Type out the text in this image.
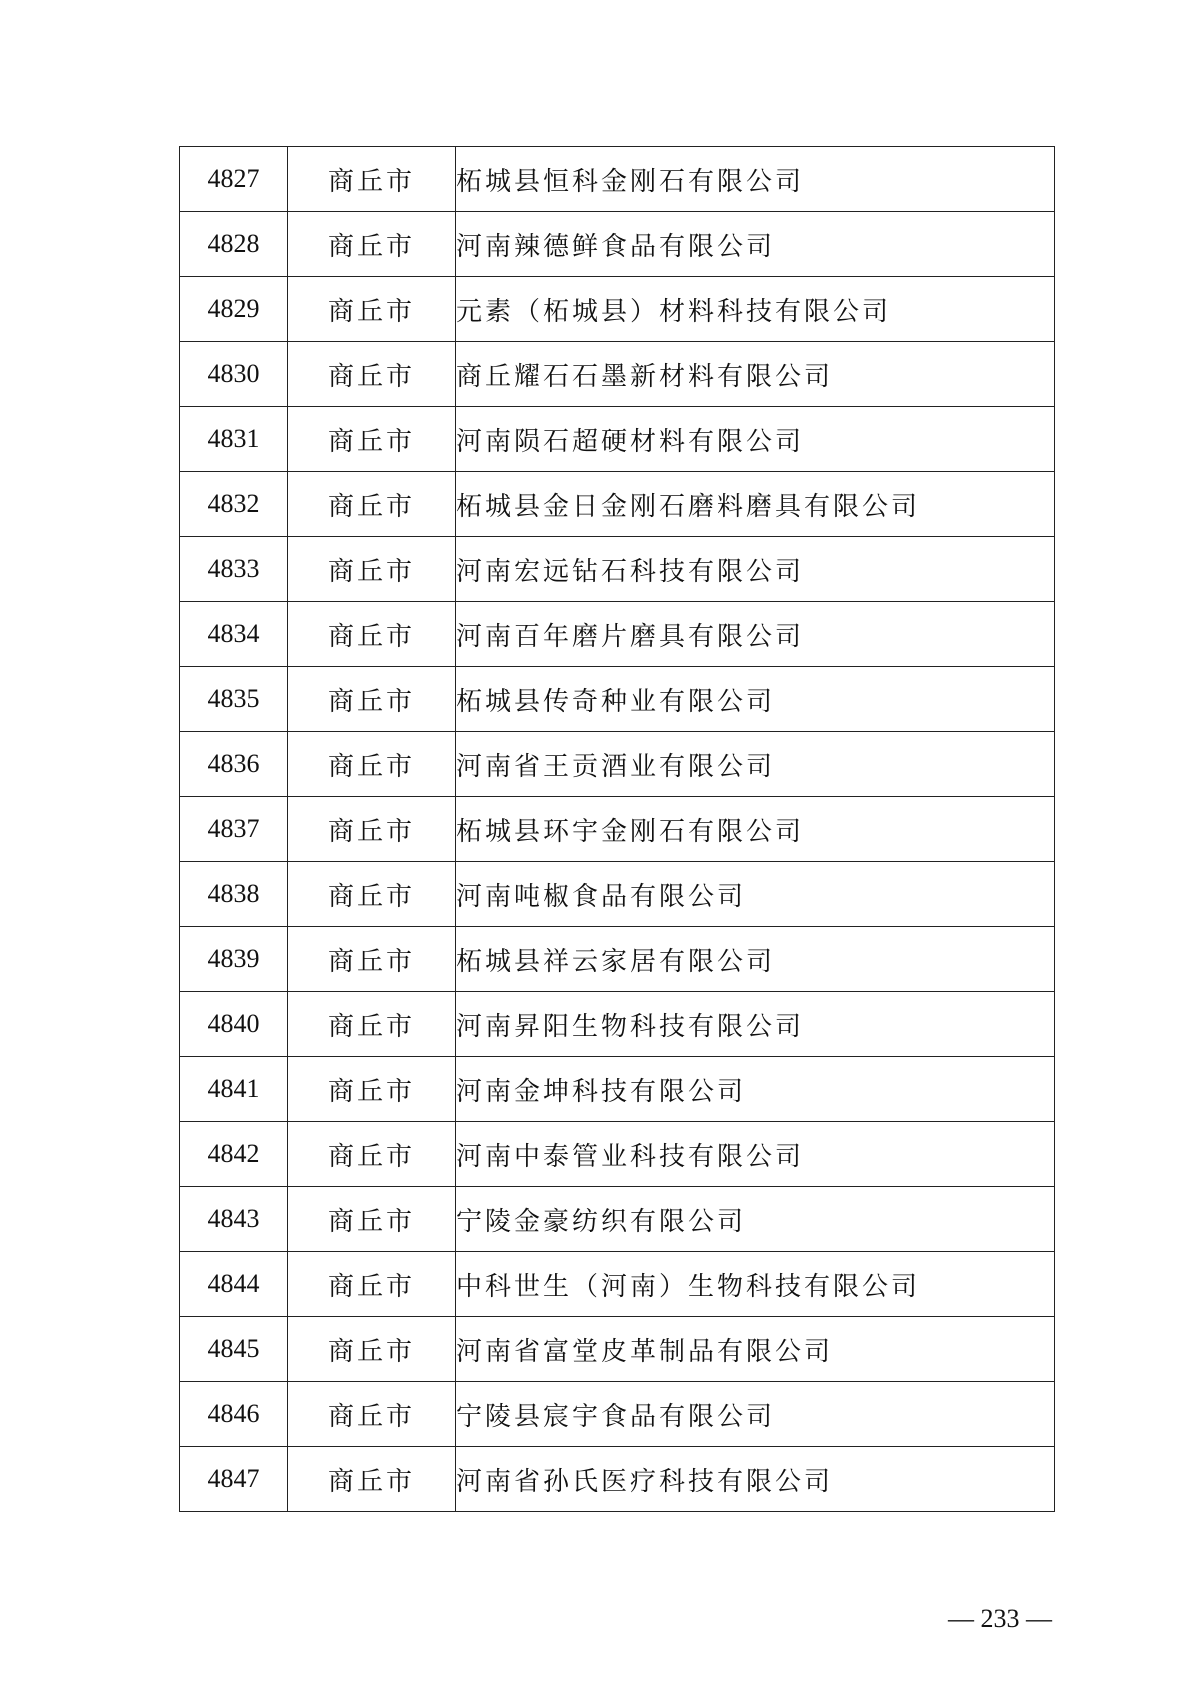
4827	商丘市	柘城县恒科金刚石有限公司
4828	商丘市	河南辣德鲜食品有限公司
4829	商丘市	元素（柘城县）材料科技有限公司
4830	商丘市	商丘耀石石墨新材料有限公司
4831	商丘市	河南陨石超硬材料有限公司
4832	商丘市	柘城县金日金刚石磨料磨具有限公司
4833	商丘市	河南宏远钻石科技有限公司
4834	商丘市	河南百年磨片磨具有限公司
4835	商丘市	柘城县传奇种业有限公司
4836	商丘市	河南省王贡酒业有限公司
4837	商丘市	柘城县环宇金刚石有限公司
4838	商丘市	河南吨椒食品有限公司
4839	商丘市	柘城县祥云家居有限公司
4840	商丘市	河南昇阳生物科技有限公司
4841	商丘市	河南金坤科技有限公司
4842	商丘市	河南中泰管业科技有限公司
4843	商丘市	宁陵金豪纺织有限公司
4844	商丘市	中科世生（河南）生物科技有限公司
4845	商丘市	河南省富堂皮革制品有限公司
4846	商丘市	宁陵县宸宇食品有限公司
4847	商丘市	河南省孙氏医疗科技有限公司
— 233 —
